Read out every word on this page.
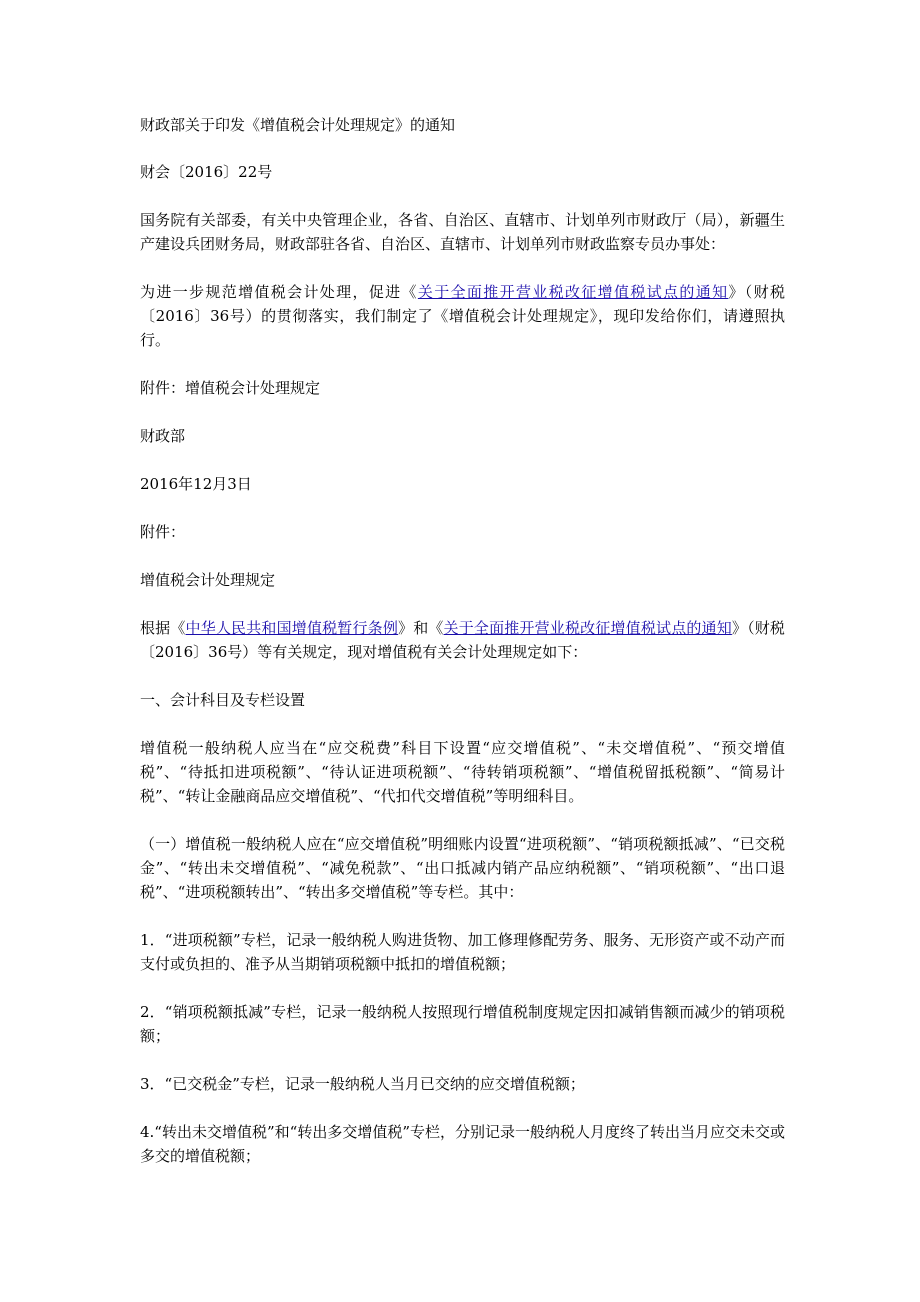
财政部关于印发《增值税会计处理规定》的通知

财会〔2016〕22号

国务院有关部委，有关中央管理企业，各省、自治区、直辖市、计划单列市财政厅（局），新疆生产建设兵团财务局，财政部驻各省、自治区、直辖市、计划单列市财政监察专员办事处：

为进一步规范增值税会计处理，促进《关于全面推开营业税改征增值税试点的通知》（财税〔2016〕36号）的贯彻落实，我们制定了《增值税会计处理规定》，现印发给你们，请遵照执行。

附件：增值税会计处理规定

财政部

2016年12月3日

附件：

增值税会计处理规定

根据《中华人民共和国增值税暂行条例》和《关于全面推开营业税改征增值税试点的通知》（财税〔2016〕36号）等有关规定，现对增值税有关会计处理规定如下：

一、会计科目及专栏设置

增值税一般纳税人应当在“应交税费”科目下设置“应交增值税”、“未交增值税”、“预交增值税”、“待抵扣进项税额”、“待认证进项税额”、“待转销项税额”、“增值税留抵税额”、“简易计税”、“转让金融商品应交增值税”、“代扣代交增值税”等明细科目。

（一）增值税一般纳税人应在“应交增值税”明细账内设置“进项税额”、“销项税额抵减”、“已交税金”、“转出未交增值税”、“减免税款”、“出口抵减内销产品应纳税额”、“销项税额”、“出口退税”、“进项税额转出”、“转出多交增值税”等专栏。其中：

1．“进项税额”专栏，记录一般纳税人购进货物、加工修理修配劳务、服务、无形资产或不动产而支付或负担的、准予从当期销项税额中抵扣的增值税额；

2．“销项税额抵减”专栏，记录一般纳税人按照现行增值税制度规定因扣减销售额而减少的销项税额；

3．“已交税金”专栏，记录一般纳税人当月已交纳的应交增值税额；

4.“转出未交增值税”和“转出多交增值税”专栏，分别记录一般纳税人月度终了转出当月应交未交或多交的增值税额；
